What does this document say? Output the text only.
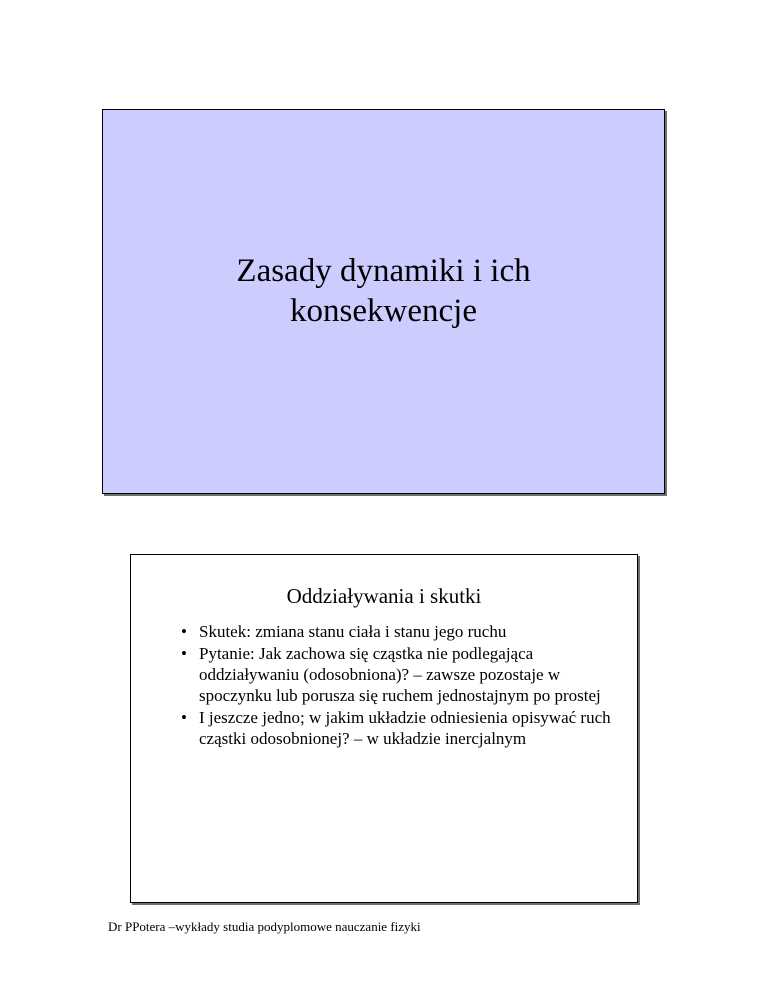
Zasady dynamiki i ich
konsekwencje
Oddziaływania i skutki
• Skutek: zmiana stanu ciała i stanu jego ruchu
• Pytanie: Jak zachowa się cząstka nie podlegająca oddziaływaniu (odosobniona)? – zawsze pozostaje w spoczynku lub porusza się ruchem jednostajnym po prostej
• I jeszcze jedno; w jakim układzie odniesienia opisywać ruch cząstki odosobnionej? – w układzie inercjalnym
Dr PPotera –wykłady studia podyplomowe nauczanie fizyki
